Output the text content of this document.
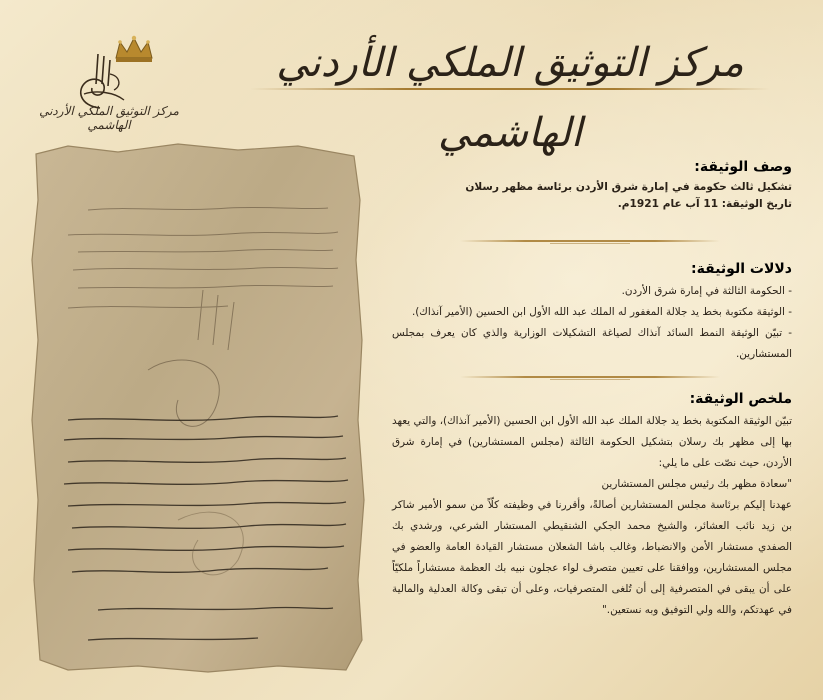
مركز التوثيق الملكي الأردني الهاشمي
مركز التوثيق الملكي الأردني الهاشمي
وصف الوثيقة:

تشكيل ثالث حكومة في إمارة شرق الأردن برئاسة مظهر رسلان

تاريخ الوثيقة: 11 آب عام 1921م.

دلالات الوثيقة:

- الحكومة الثالثة في إمارة شرق الأردن.

- الوثيقة مكتوبة بخط يد جلالة المغفور له الملك عبد الله الأول ابن الحسين (الأمير آنذاك).

- تبيّن الوثيقة النمط السائد آنذاك لصياغة التشكيلات الوزارية والذي كان يعرف بمجلس المستشارين.

ملخص الوثيقة:

تبيّن الوثيقة المكتوبة بخط يد جلالة الملك عبد الله الأول ابن الحسين (الأمير آنذاك)، والتي يعهد بها إلى مظهر بك رسلان بتشكيل الحكومة الثالثة (مجلس المستشارين) في إمارة شرق الأردن، حيث نصّت على ما يلي:

"سعادة مظهر بك رئيس مجلس المستشارين

عهدنا إليكم برئاسة مجلس المستشارين أصالةً، وأقررنا في وظيفته كلّاً من سمو الأمير شاكر بن زيد نائب العشائر، والشيخ محمد الجكي الشنقيطي المستشار الشرعي، ورشدي بك الصفدي مستشار الأمن والانضباط، وغالب باشا الشعلان مستشار القيادة العامة والعضو في مجلس المستشارين، ووافقنا على تعيين متصرف لواء عجلون نبيه بك العظمة مستشاراً ملكيّاً على أن يبقى في المتصرفية إلى أن تُلغى المتصرفيات، وعلى أن تبقى وكالة العدلية والمالية في عهدتكم، والله ولي التوفيق وبه نستعين."
